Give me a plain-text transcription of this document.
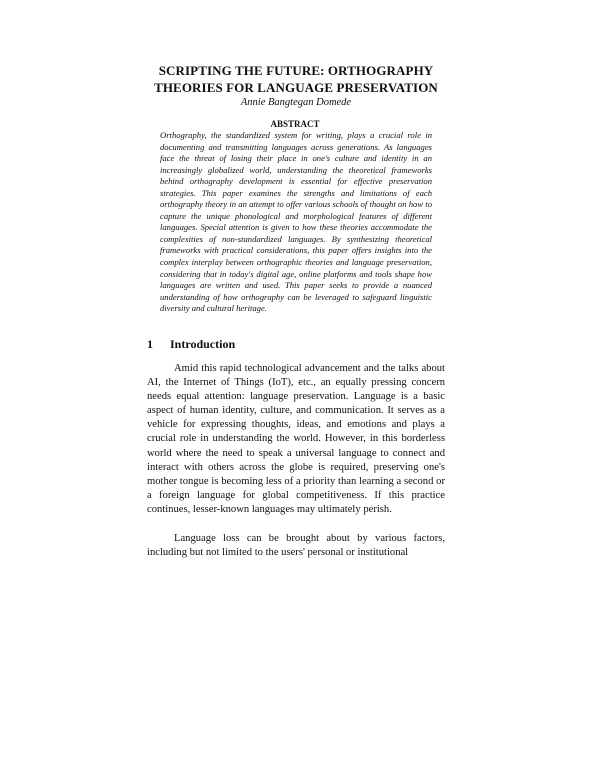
SCRIPTING THE FUTURE: ORTHOGRAPHY
THEORIES FOR LANGUAGE PRESERVATION
Annie Bangtegan Domede
ABSTRACT
Orthography, the standardized system for writing, plays a crucial role in documenting and transmitting languages across generations. As languages face the threat of losing their place in one's culture and identity in an increasingly globalized world, understanding the theoretical frameworks behind orthography development is essential for effective preservation strategies. This paper examines the strengths and limitations of each orthography theory in an attempt to offer various schools of thought on how to capture the unique phonological and morphological features of different languages. Special attention is given to how these theories accommodate the complexities of non-standardized languages. By synthesizing theoretical frameworks with practical considerations, this paper offers insights into the complex interplay between orthographic theories and language preservation, considering that in today's digital age, online platforms and tools shape how languages are written and used. This paper seeks to provide a nuanced understanding of how orthography can be leveraged to safeguard linguistic diversity and cultural heritage.
1 Introduction

Amid this rapid technological advancement and the talks about AI, the Internet of Things (IoT), etc., an equally pressing concern needs equal attention: language preservation. Language is a basic aspect of human identity, culture, and communication. It serves as a vehicle for expressing thoughts, ideas, and emotions and plays a crucial role in understanding the world. However, in this borderless world where the need to speak a universal language to connect and interact with others across the globe is required, preserving one's mother tongue is becoming less of a priority than learning a second or a foreign language for global competitiveness. If this practice continues, lesser-known languages may ultimately perish.

Language loss can be brought about by various factors, including but not limited to the users' personal or institutional
